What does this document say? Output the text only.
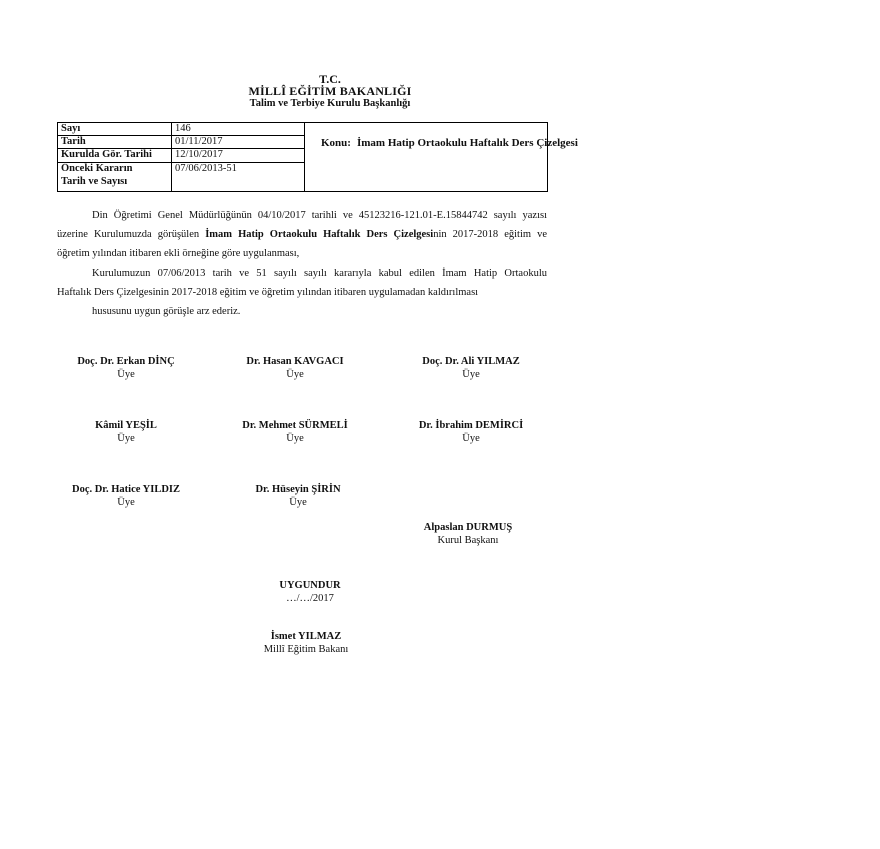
T.C.
MİLLÎ EĞİTİM BAKANLIĞI
Talim ve Terbiye Kurulu Başkanlığı
Sayı	146
Tarih	01/11/2017
Kurulda Gör. Tarihi 12/10/2017
Önceki Kararın	07/06/2013-51
Tarih ve Sayısı
Konu: İmam Hatip Ortaokulu Haftalık Ders Çizelgesi
Din Öğretimi Genel Müdürlüğünün 04/10/2017 tarihli ve 45123216-121.01-E.15844742 sayılı yazısı
üzerine Kurulumuzda görüşülen İmam Hatip Ortaokulu Haftalık Ders Çizelgesinin 2017-2018 eğitim ve
öğretim yılından itibaren ekli örneğine göre uygulanması,
Kurulumuzun 07/06/2013 tarih ve 51 sayılı sayılı kararıyla kabul edilen İmam Hatip Ortaokulu
Haftalık Ders Çizelgesinin 2017-2018 eğitim ve öğretim yılından itibaren uygulamadan kaldırılması
hususunu uygun görüşle arz ederiz.
Doç. Dr. Erkan DİNÇ
Üye
Dr. Hasan KAVGACI
Üye
Doç. Dr. Ali YILMAZ
Üye
Kâmil YEŞİL
Üye
Dr. Mehmet SÜRMELİ
Üye
Dr. İbrahim DEMİRCİ
Üye
Doç. Dr. Hatice YILDIZ
Üye
Dr. Hüseyin ŞİRİN
Üye
Alpaslan DURMUŞ
Kurul Başkanı
UYGUNDUR
…/…/2017
İsmet YILMAZ
Millî Eğitim Bakanı
